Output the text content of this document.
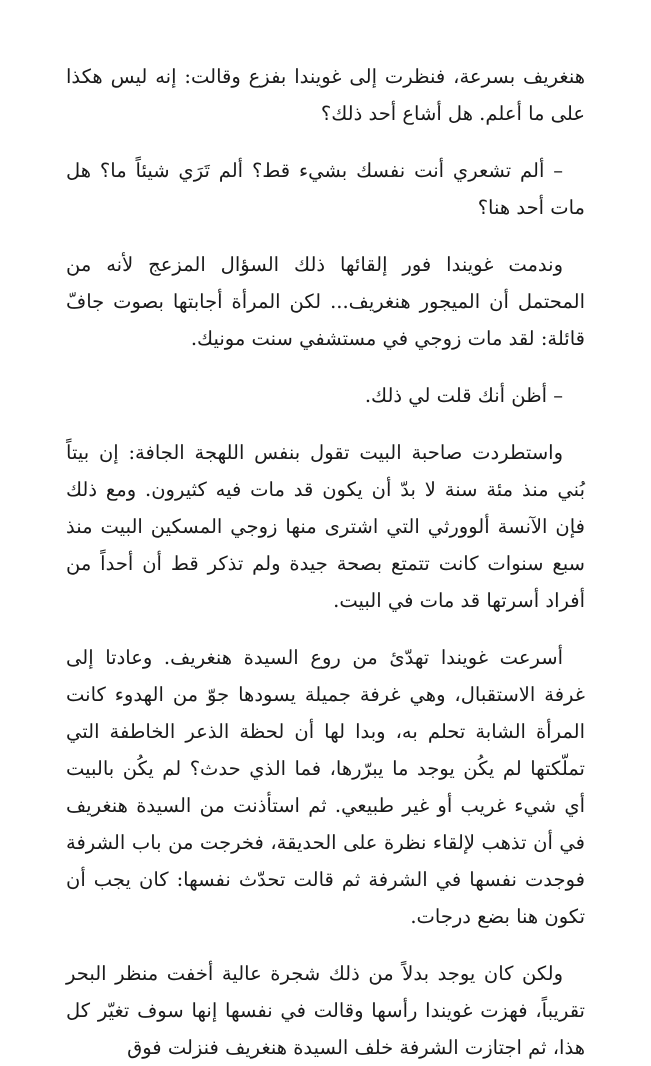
هنغريف بسرعة، فنظرت إلى غويندا بفزع وقالت: إنه ليس هكذا على ما أعلم. هل أشاع أحد ذلك؟

– ألم تشعري أنت نفسك بشيء قط؟ ألم تَرَي شيئاً ما؟ هل مات أحد هنا؟

وندمت غويندا فور إلقائها ذلك السؤال المزعج لأنه من المحتمل أن الميجور هنغريف... لكن المرأة أجابتها بصوت جافّ قائلة: لقد مات زوجي في مستشفي سنت مونيك.

– أظن أنك قلت لي ذلك.

واستطردت صاحبة البيت تقول بنفس اللهجة الجافة: إن بيتاً بُني منذ مئة سنة لا بدّ أن يكون قد مات فيه كثيرون. ومع ذلك فإن الآنسة ألوورثي التي اشترى منها زوجي المسكين البيت منذ سبع سنوات كانت تتمتع بصحة جيدة ولم تذكر قط أن أحداً من أفراد أسرتها قد مات في البيت.

أسرعت غويندا تهدّئ من روع السيدة هنغريف. وعادتا إلى غرفة الاستقبال، وهي غرفة جميلة يسودها جوّ من الهدوء كانت المرأة الشابة تحلم به، وبدا لها أن لحظة الذعر الخاطفة التي تملّكتها لم يكُن يوجد ما يبرّرها، فما الذي حدث؟ لم يكُن بالبيت أي شيء غريب أو غير طبيعي. ثم استأذنت من السيدة هنغريف في أن تذهب لإلقاء نظرة على الحديقة، فخرجت من باب الشرفة فوجدت نفسها في الشرفة ثم قالت تحدّث نفسها: كان يجب أن تكون هنا بضع درجات.

ولكن كان يوجد بدلاً من ذلك شجرة عالية أخفت منظر البحر تقريباً، فهزت غويندا رأسها وقالت في نفسها إنها سوف تغيّر كل هذا، ثم اجتازت الشرفة خلف السيدة هنغريف فنزلت فوق
